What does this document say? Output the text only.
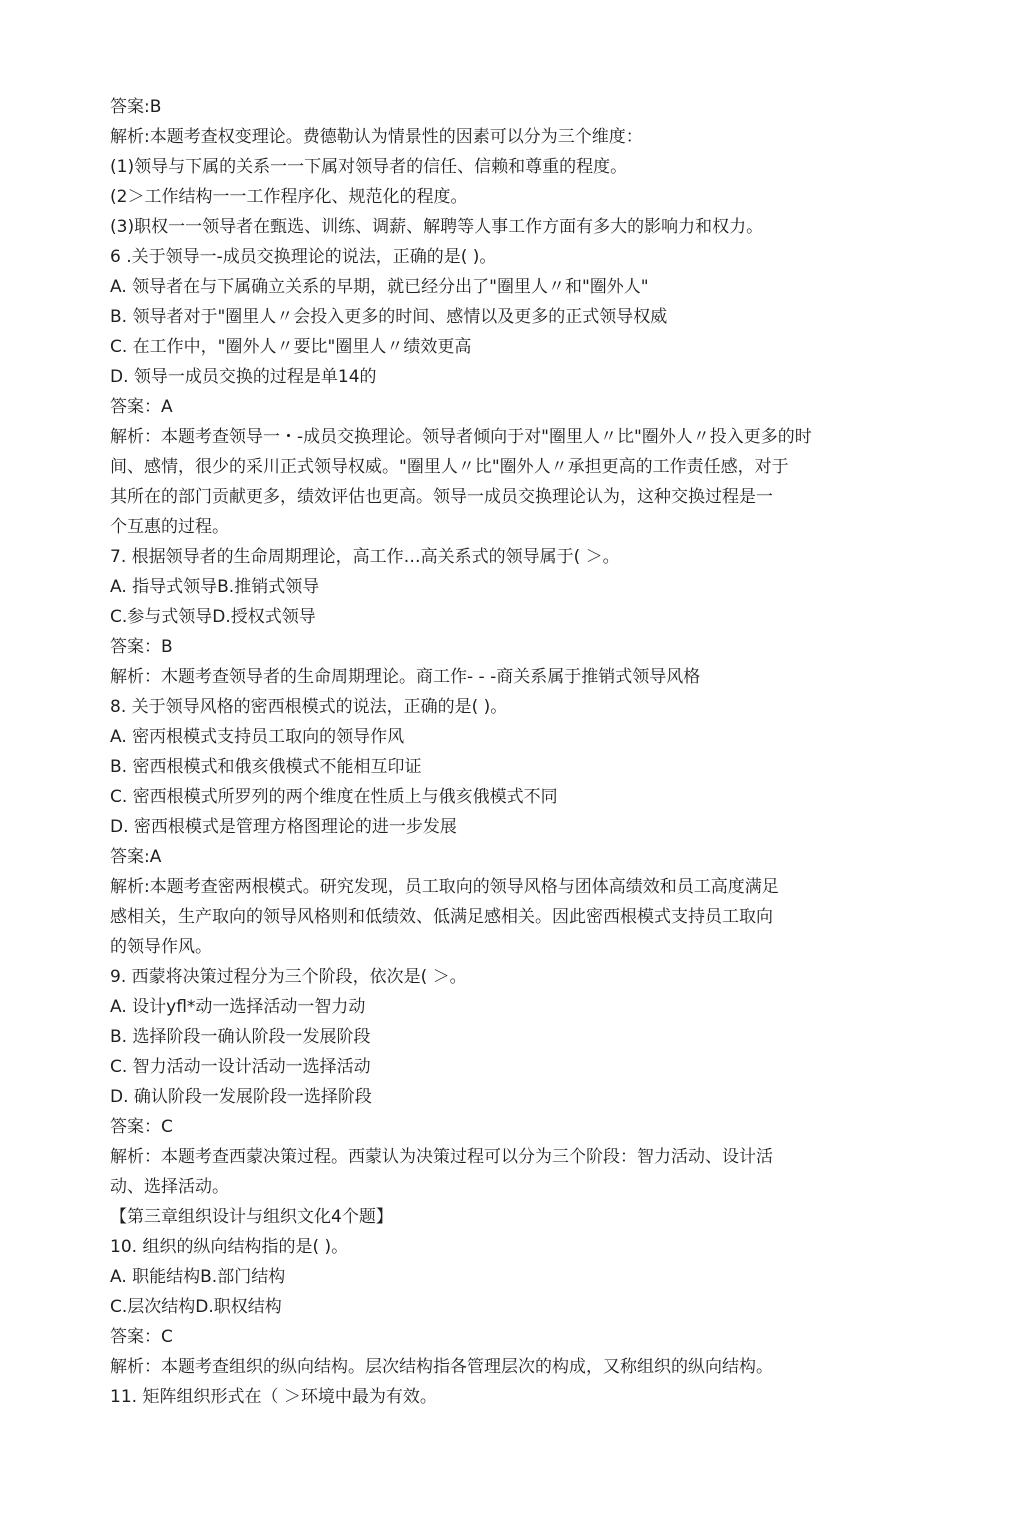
答案:B
解析:本题考查权变理论。费德勒认为情景性的因素可以分为三个维度：
(1)领导与下属的关系一一下属对领导者的信任、信赖和尊重的程度。
(2＞工作结构一一工作程序化、规范化的程度。
(3)职权一一领导者在甄选、训练、调薪、解聘等人事工作方面有多大的影响力和权力。
6 .关于领导一-成员交换理论的说法，正确的是( )。
A. 领导者在与下属确立关系的早期，就已经分出了"圈里人〃和"圈外人"
B. 领导者对于"圈里人〃会投入更多的时间、感情以及更多的正式领导权威
C. 在工作中，"圈外人〃要比"圈里人〃绩效更高
D. 领导一成员交换的过程是单14的
答案：A
解析：本题考查领导一・-成员交换理论。领导者倾向于对"圈里人〃比"圈外人〃投入更多的时
间、感情，很少的采川正式领导权威。"圈里人〃比"圈外人〃承担更高的工作责任感，对于
其所在的部门贡献更多，绩效评估也更高。领导一成员交换理论认为，这种交换过程是一
个互惠的过程。
7. 根据领导者的生命周期理论，高工作…高关系式的领导属于( ＞。
A. 指导式领导B.推销式领导
C.参与式领导D.授权式领导
答案：B
解析：木题考查领导者的生命周期理论。商工作- - -商关系属于推销式领导风格
8. 关于领导风格的密西根模式的说法，正确的是( )。
A. 密丙根模式支持员工取向的领导作风
B. 密西根模式和俄亥俄模式不能相互印证
C. 密西根模式所罗列的两个维度在性质上与俄亥俄模式不同
D. 密西根模式是管理方格图理论的进一步发展
答案:A
解析:本题考查密两根模式。研究发现，员工取向的领导风格与团体高绩效和员工高度满足
感相关，生产取向的领导风格则和低绩效、低满足感相关。因此密西根模式支持员工取向
的领导作风。
9. 西蒙将决策过程分为三个阶段，依次是( ＞。
A. 设计yfl*动一选择活动一智力动
B. 选择阶段一确认阶段一发展阶段
C. 智力活动一设计活动一选择活动
D. 确认阶段一发展阶段一选择阶段
答案：C
解析：本题考查西蒙决策过程。西蒙认为决策过程可以分为三个阶段：智力活动、设计活
动、选择活动。
【第三章组织设计与组织文化4个题】
10. 组织的纵向结构指的是( )。
A. 职能结构B.部门结构
C.层次结构D.职权结构
答案：C
解析：本题考查组织的纵向结构。层次结构指各管理层次的构成，又称组织的纵向结构。
11. 矩阵组织形式在（ ＞环境中最为有效。
